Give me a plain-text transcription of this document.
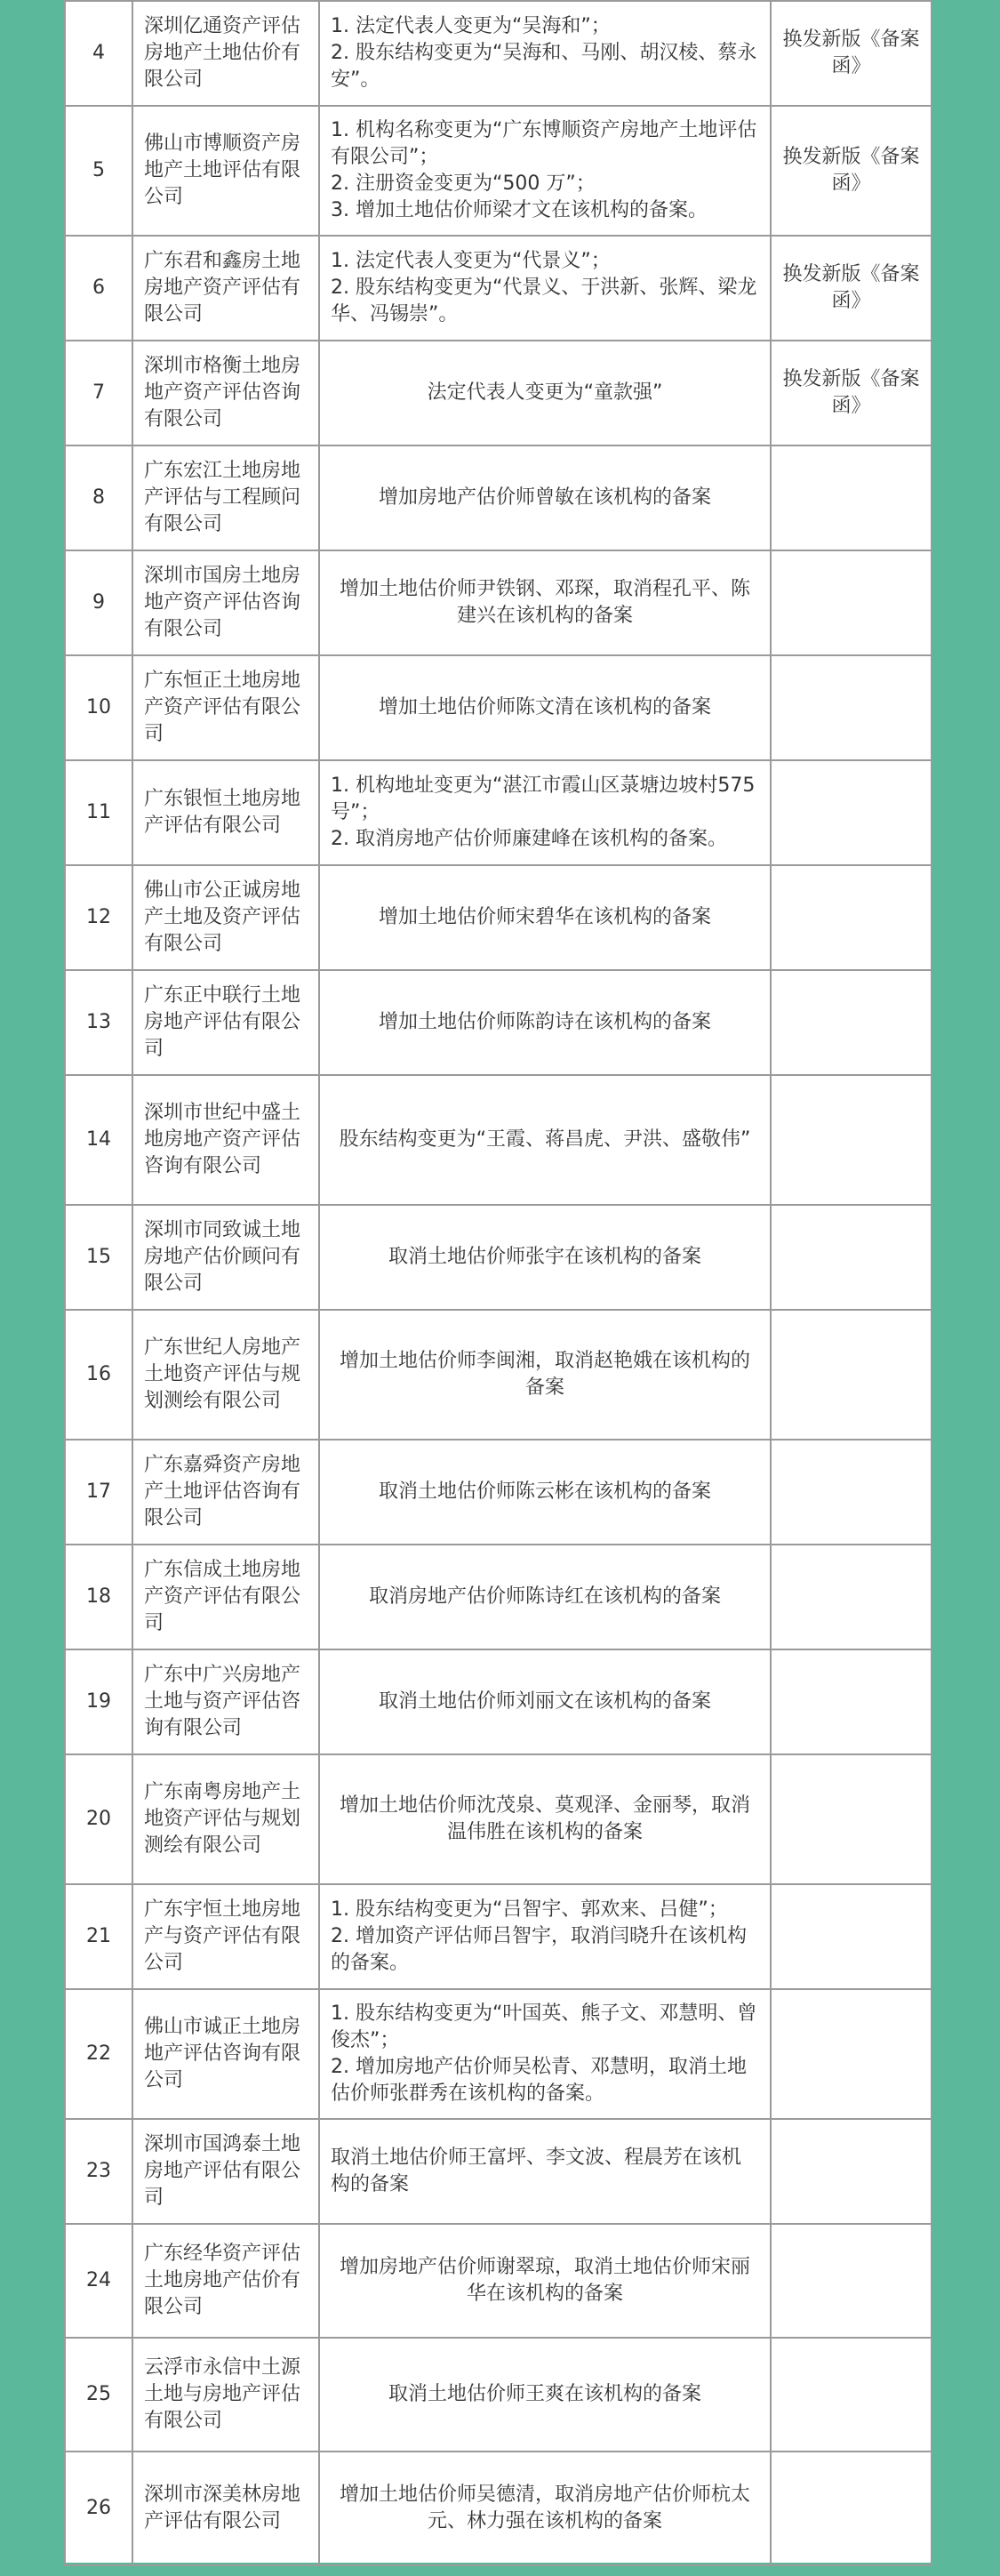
4	深圳亿通资产评估房地产土地估价有限公司	1. 法定代表人变更为“吴海和”；
2. 股东结构变更为“吴海和、马刚、胡汉棱、蔡永安”。	换发新版《备案函》
5	佛山市博顺资产房地产土地评估有限公司	1. 机构名称变更为“广东博顺资产房地产土地评估有限公司”；
2. 注册资金变更为“500 万”；
3. 增加土地估价师梁才文在该机构的备案。	换发新版《备案函》
6	广东君和鑫房土地房地产资产评估有限公司	1. 法定代表人变更为“代景义”；
2. 股东结构变更为“代景义、于洪新、张辉、梁龙华、冯锡崇”。	换发新版《备案函》
7	深圳市格衡土地房地产资产评估咨询有限公司	法定代表人变更为“童款强”	换发新版《备案函》
8	广东宏江土地房地产评估与工程顾问有限公司	增加房地产估价师曾敏在该机构的备案	

9	深圳市国房土地房地产资产评估咨询有限公司	增加土地估价师尹铁钢、邓琛，取消程孔平、陈建兴在该机构的备案	

10	广东恒正土地房地产资产评估有限公司	增加土地估价师陈文清在该机构的备案	

11	广东银恒土地房地产评估有限公司	1. 机构地址变更为“湛江市霞山区菉塘边坡村575 号”；
2. 取消房地产估价师廉建峰在该机构的备案。	

12	佛山市公正诚房地产土地及资产评估有限公司	增加土地估价师宋碧华在该机构的备案	

13	广东正中联行土地房地产评估有限公司	增加土地估价师陈韵诗在该机构的备案	

14	深圳市世纪中盛土地房地产资产评估咨询有限公司	股东结构变更为“王霞、蒋昌虎、尹洪、盛敬伟”	

15	深圳市同致诚土地房地产估价顾问有限公司	取消土地估价师张宇在该机构的备案	

16	广东世纪人房地产土地资产评估与规划测绘有限公司	增加土地估价师李闽湘，取消赵艳娥在该机构的备案	

17	广东嘉舜资产房地产土地评估咨询有限公司	取消土地估价师陈云彬在该机构的备案	

18	广东信成土地房地产资产评估有限公司	取消房地产估价师陈诗红在该机构的备案	

19	广东中广兴房地产土地与资产评估咨询有限公司	取消土地估价师刘丽文在该机构的备案	

20	广东南粤房地产土地资产评估与规划测绘有限公司	增加土地估价师沈茂泉、莫观泽、金丽琴，取消温伟胜在该机构的备案	

21	广东宇恒土地房地产与资产评估有限公司	1. 股东结构变更为“吕智宇、郭欢来、吕健”；
2. 增加资产评估师吕智宇，取消闫晓升在该机构的备案。	

22	佛山市诚正土地房地产评估咨询有限公司	1. 股东结构变更为“叶国英、熊子文、邓慧明、曾俊杰”；
2. 增加房地产估价师吴松青、邓慧明，取消土地估价师张群秀在该机构的备案。	

23	深圳市国鸿泰土地房地产评估有限公司	取消土地估价师王富坪、李文波、程晨芳在该机构的备案	

24	广东经华资产评估土地房地产估价有限公司	增加房地产估价师谢翠琼，取消土地估价师宋丽华在该机构的备案	

25	云浮市永信中土源土地与房地产评估有限公司	取消土地估价师王爽在该机构的备案	

26	深圳市深美林房地产评估有限公司	增加土地估价师吴德清，取消房地产估价师杭太元、林力强在该机构的备案	
